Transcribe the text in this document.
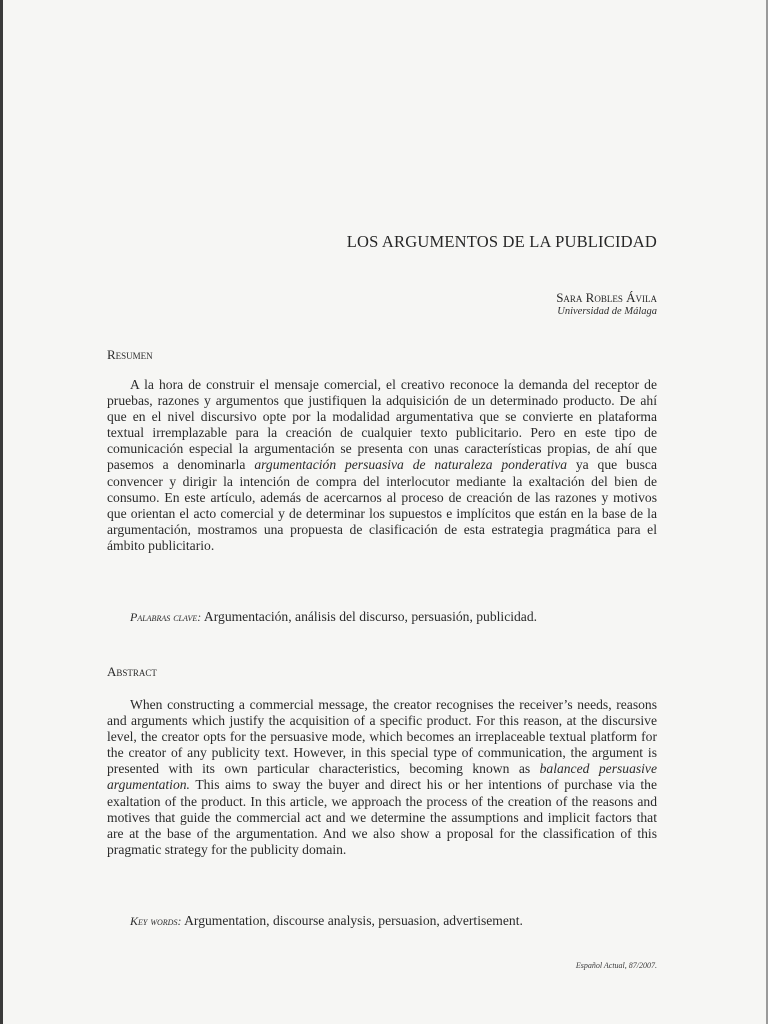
LOS ARGUMENTOS DE LA PUBLICIDAD
Sara Robles Ávila
Universidad de Málaga
Resumen
A la hora de construir el mensaje comercial, el creativo reconoce la demanda del receptor de pruebas, razones y argumentos que justifiquen la adquisición de un determinado producto. De ahí que en el nivel discursivo opte por la modalidad argumentativa que se convierte en plataforma textual irremplazable para la creación de cualquier texto publicitario. Pero en este tipo de comunicación especial la argumentación se presenta con unas características propias, de ahí que pasemos a denominarla argumentación persuasiva de naturaleza ponderativa ya que busca convencer y dirigir la intención de compra del interlocutor mediante la exaltación del bien de consumo. En este artículo, además de acercarnos al proceso de creación de las razones y motivos que orientan el acto comercial y de determinar los supuestos e implícitos que están en la base de la argumentación, mostramos una propuesta de clasificación de esta estrategia pragmática para el ámbito publicitario.
Palabras clave: Argumentación, análisis del discurso, persuasión, publicidad.
Abstract
When constructing a commercial message, the creator recognises the receiver’s needs, reasons and arguments which justify the acquisition of a specific product. For this reason, at the discursive level, the creator opts for the persuasive mode, which becomes an irreplaceable textual platform for the creator of any publicity text. However, in this special type of communication, the argument is presented with its own particular characteristics, becoming known as balanced persuasive argumentation. This aims to sway the buyer and direct his or her intentions of purchase via the exaltation of the product. In this article, we approach the process of the creation of the reasons and motives that guide the commercial act and we determine the assumptions and implicit factors that are at the base of the argumentation. And we also show a proposal for the classification of this pragmatic strategy for the publicity domain.
Key words: Argumentation, discourse analysis, persuasion, advertisement.
Español Actual, 87/2007.
